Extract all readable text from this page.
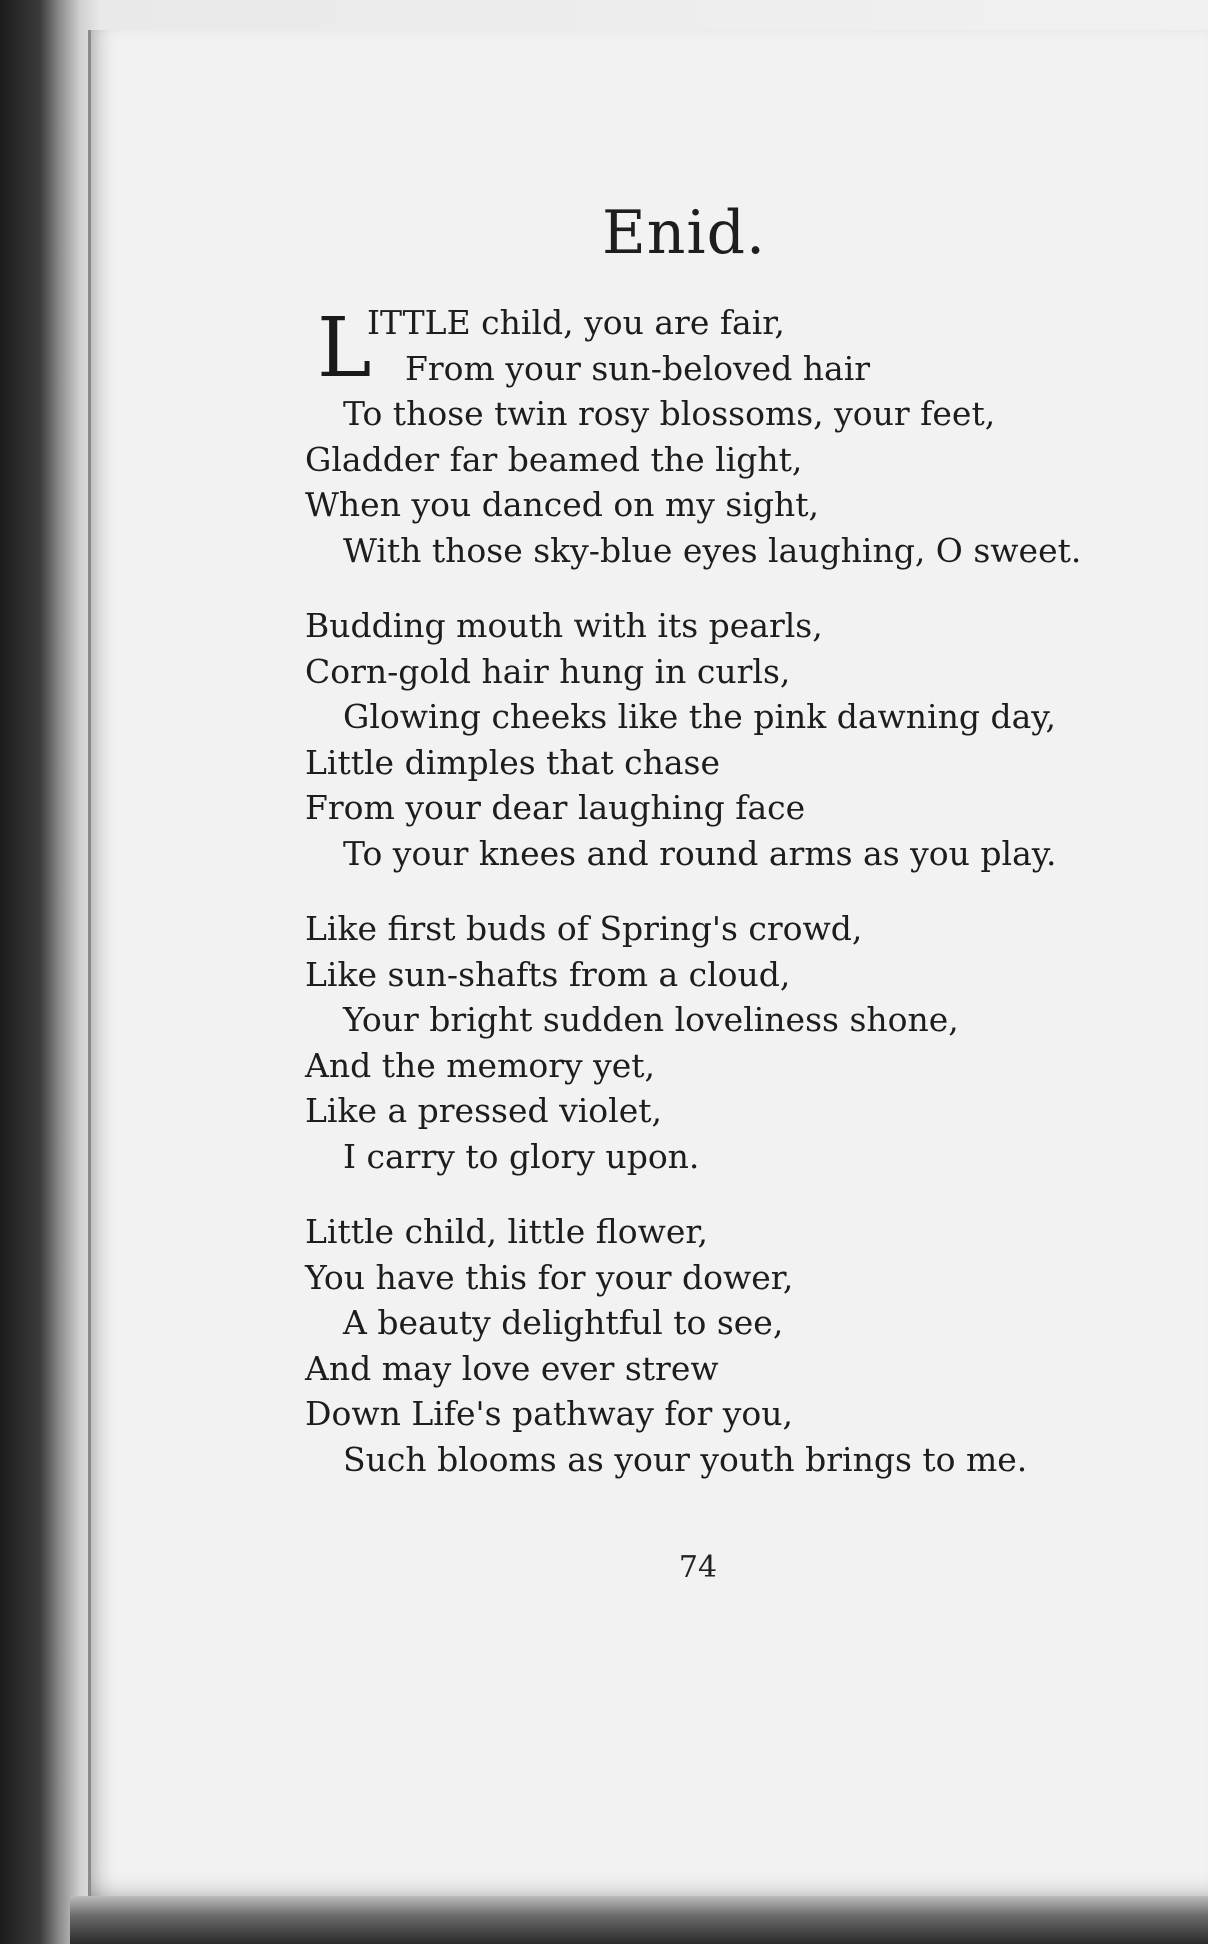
Enid.
L
ITTLE child, you are fair,
From your sun-beloved hair
To those twin rosy blossoms, your feet,
Gladder far beamed the light,
When you danced on my sight,
With those sky-blue eyes laughing, O sweet.
Budding mouth with its pearls,
Corn-gold hair hung in curls,
Glowing cheeks like the pink dawning day,
Little dimples that chase
From your dear laughing face
To your knees and round arms as you play.
Like first buds of Spring's crowd,
Like sun-shafts from a cloud,
Your bright sudden loveliness shone,
And the memory yet,
Like a pressed violet,
I carry to glory upon.
Little child, little flower,
You have this for your dower,
A beauty delightful to see,
And may love ever strew
Down Life's pathway for you,
Such blooms as your youth brings to me.
74
